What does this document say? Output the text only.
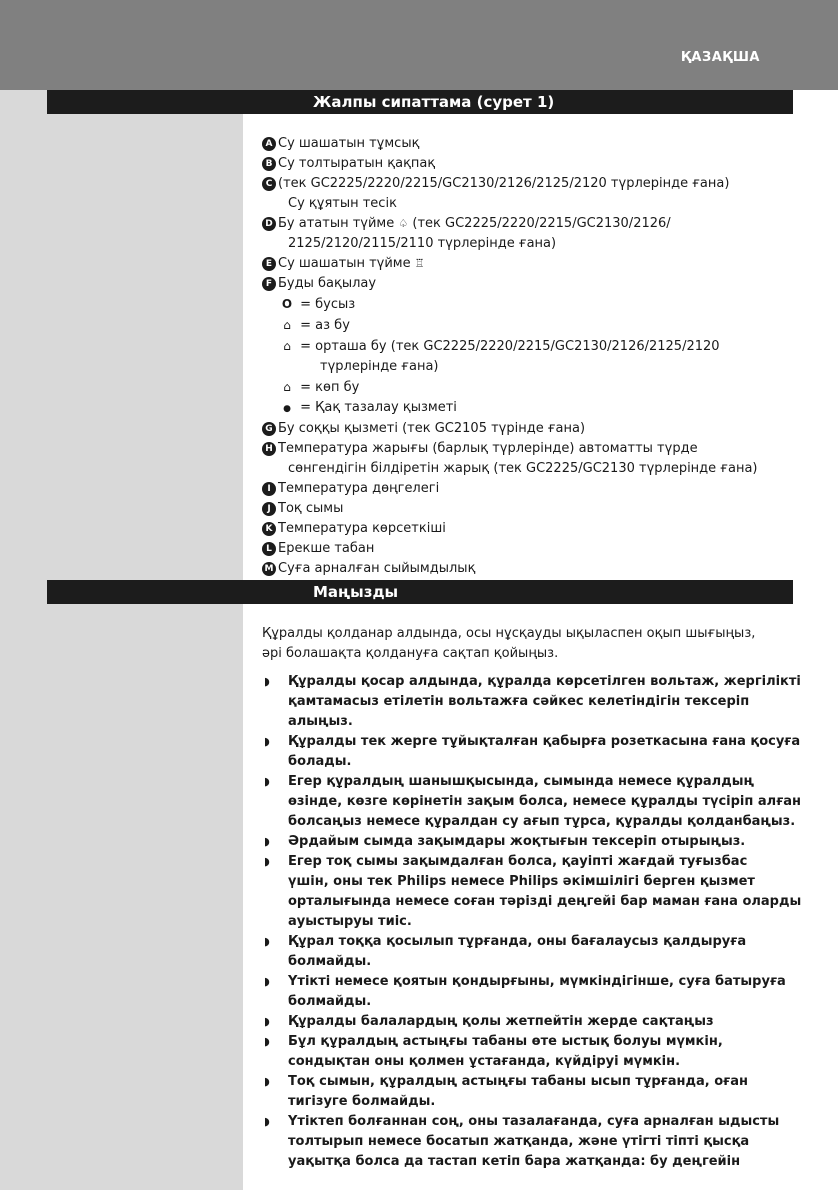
ҚАЗАҚША
Жалпы сипаттама (сурет 1)
A Су шашатын тұмсық
B Су толтыратын қақпақ
C (тек GC2225/2220/2215/GC2130/2126/2125/2120 түрлерінде ғана)
Су құятын тесік
D Бу ататын түйме ♤ (тек GC2225/2220/2215/GC2130/2126/
2125/2120/2115/2110 түрлерінде ғана)
E Су шашатын түйме ♖
F Буды бақылау
O = бусыз
⌂ = аз бу
⌂ = орташа бу (тек GC2225/2220/2215/GC2130/2126/2125/2120
түрлерінде ғана)
⌂ = көп бу
● = Қақ тазалау қызметі
G Бу соққы қызметі (тек GC2105 түрінде ғана)
H Температура жарығы (барлық түрлерінде) автоматты түрде
сөнгендігін білдіретін жарық (тек GC2225/GC2130 түрлерінде ғана)
I Температура дөңгелегі
J Тоқ сымы
K Температура көрсеткіші
L Ерекше табан
M Суға арналған сыйымдылық
Маңызды
Құралды қолданар алдында, осы нұсқауды ықыласпен оқып шығыңыз,
әрі болашақта қолдануға сақтап қойыңыз.
◗ Құралды қосар алдында, құралда көрсетілген вольтаж, жергілікті
қамтамасыз етілетін вольтажға сәйкес келетіндігін тексеріп
алыңыз.
◗ Құралды тек жерге тұйықталған қабырға розеткасына ғана қосуға
болады.
◗ Егер құралдың шанышқысында, сымында немесе құралдың
өзінде, көзге көрінетін зақым болса, немесе құралды түсіріп алған
болсаңыз немесе құралдан су ағып тұрса, құралды қолданбаңыз.
◗ Әрдайым сымда зақымдары жоқтығын тексеріп отырыңыз.
◗ Егер тоқ сымы зақымдалған болса, қауіпті жағдай туғызбас
үшін, оны тек Philips немесе Philips әкімшілігі берген қызмет
орталығында немесе соған тәрізді деңгейі бар маман ғана оларды
ауыстыруы тиіс.
◗ Құрал тоққа қосылып тұрғанда, оны бағалаусыз қалдыруға
болмайды.
◗ Үтікті немесе қоятын қондырғыны, мүмкіндігінше, суға батыруға
болмайды.
◗ Құралды балалардың қолы жетпейтін жерде сақтаңыз
◗ Бұл құралдың астыңғы табаны өте ыстық болуы мүмкін,
сондықтан оны қолмен ұстағанда, күйдіруі мүмкін.
◗ Тоқ сымын, құралдың астыңғы табаны ысып тұрғанда, оған
тигізуге болмайды.
◗ Үтіктеп болғаннан соң, оны тазалағанда, суға арналған ыдысты
толтырып немесе босатып жатқанда, және үтігті тіпті қысқа
уақытқа болса да тастап кетіп бара жатқанда: бу деңгейін
